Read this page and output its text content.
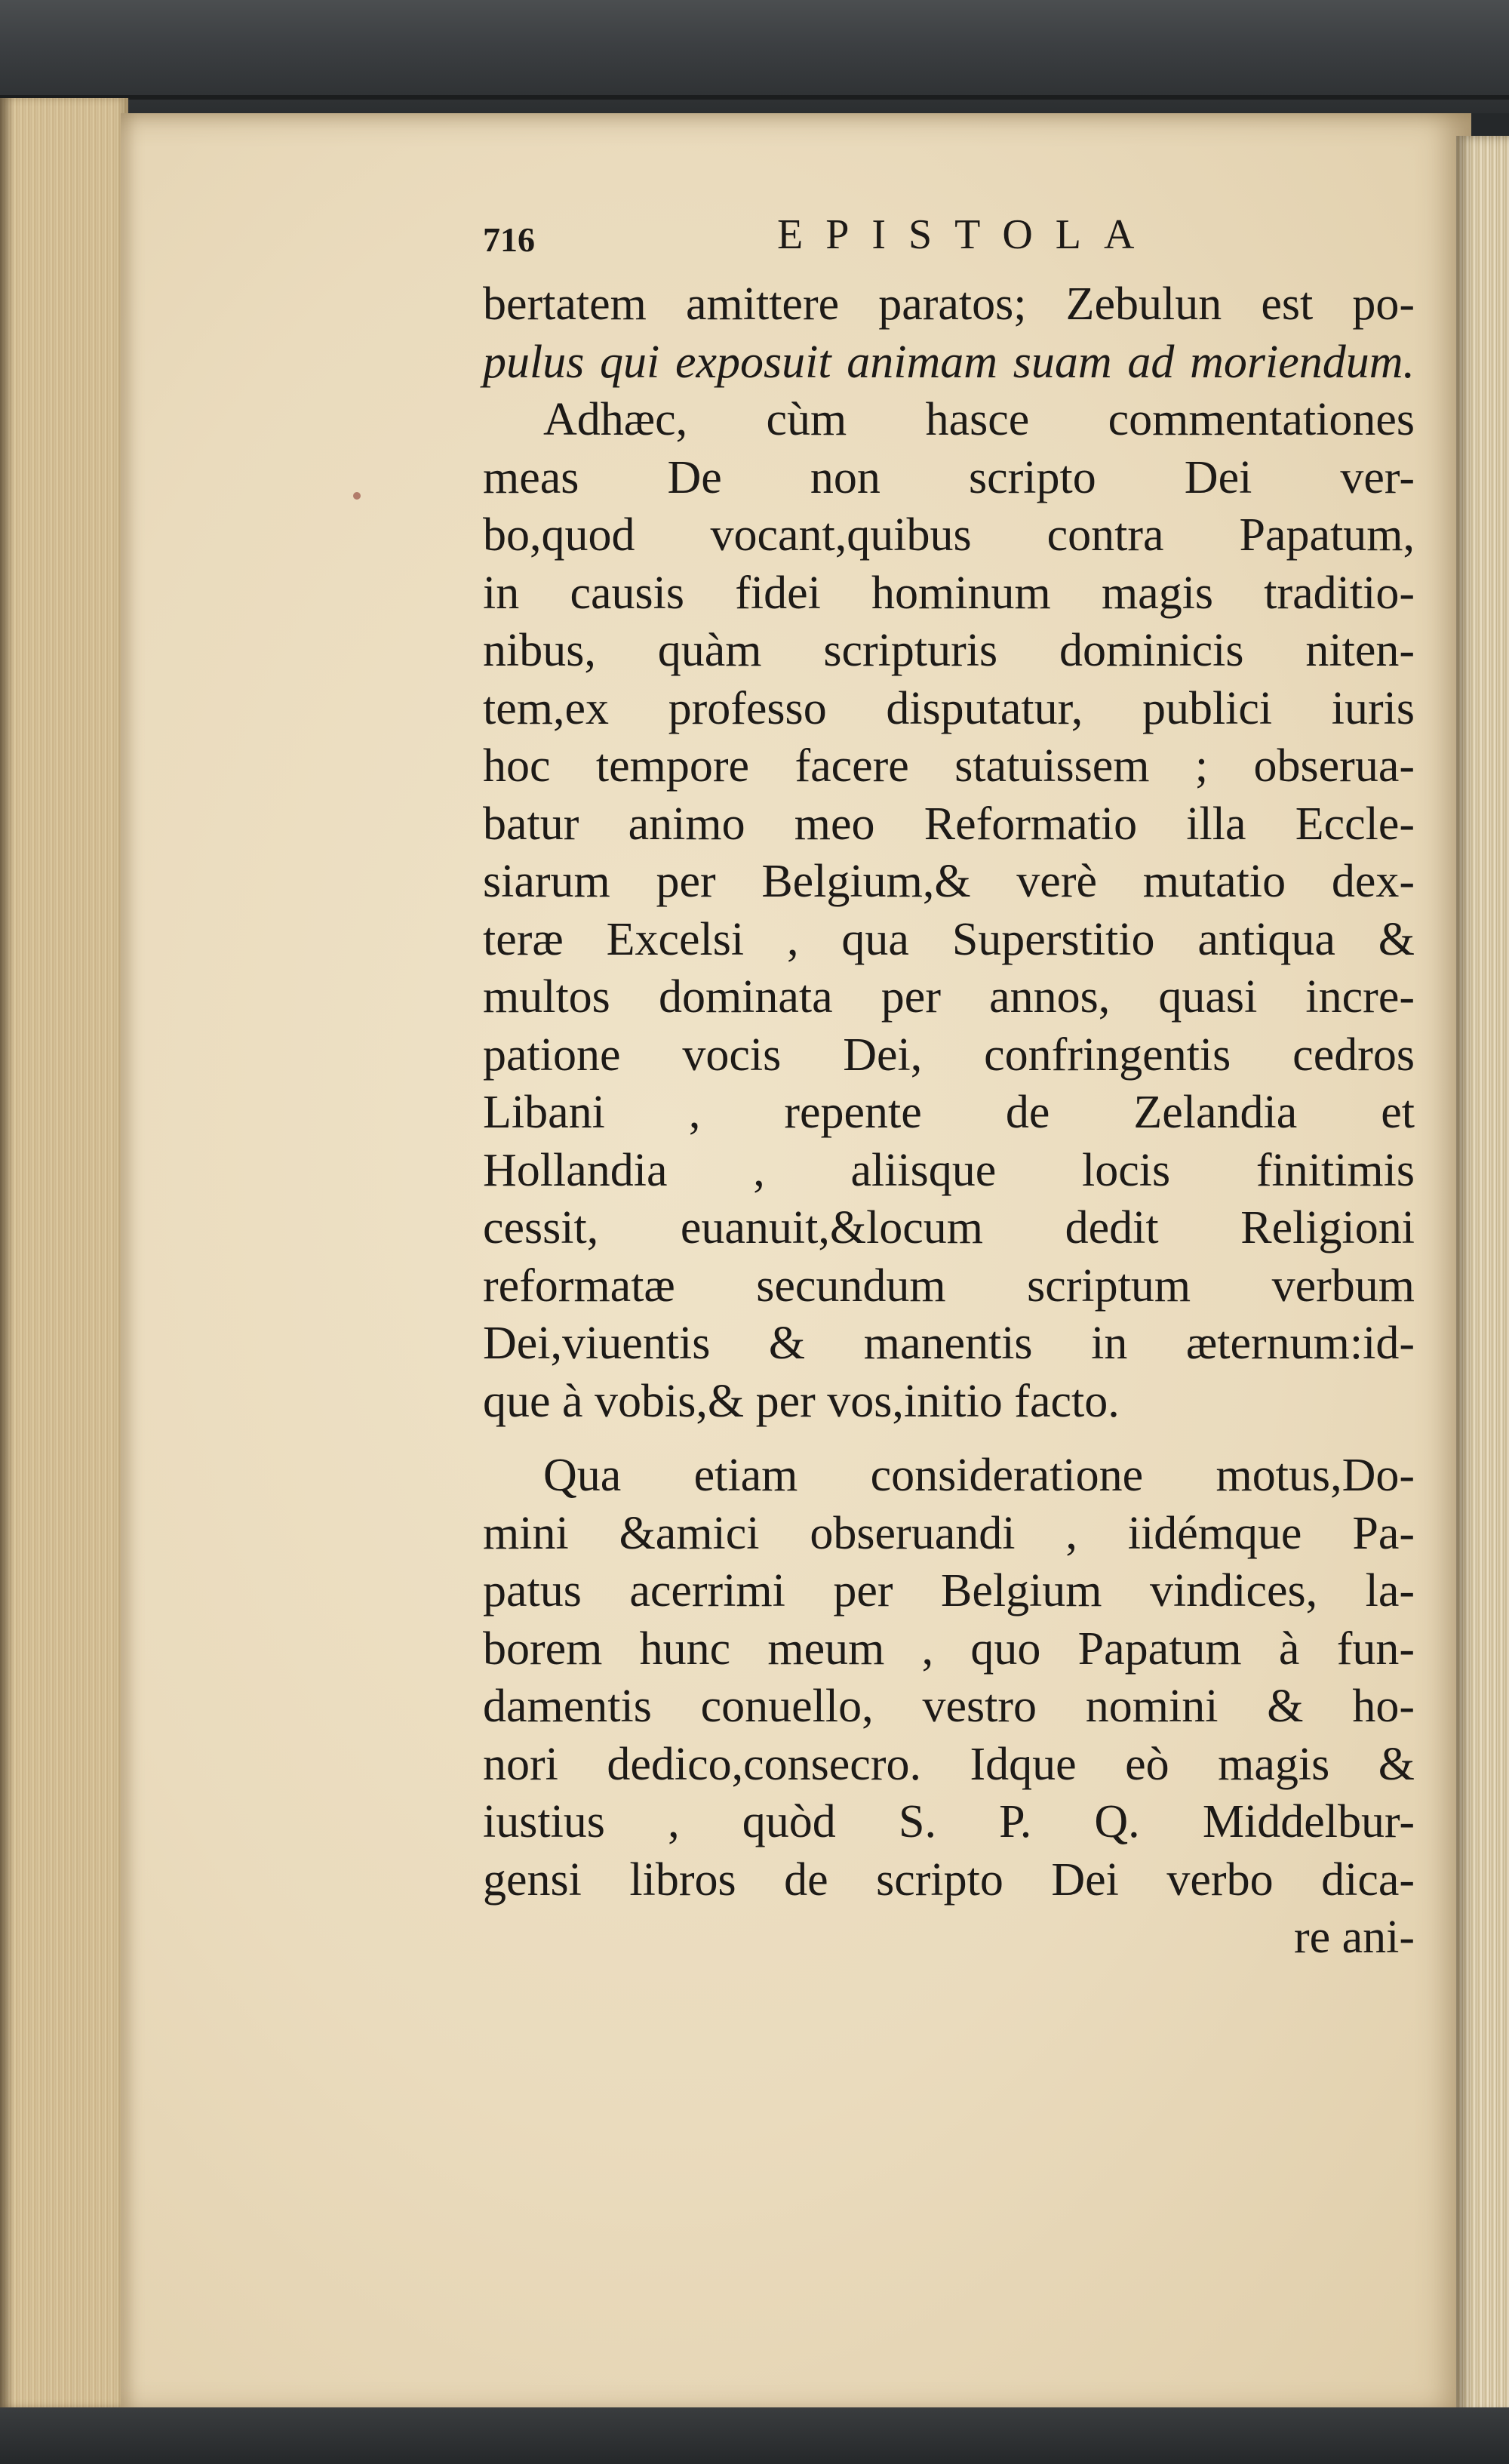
716	EPISTOLA
bertatem amittere paratos; Zebulun est po-
pulus qui exposuit animam suam ad moriendum.
Adhæc, cùm hasce commentationes
meas De non scripto Dei ver-
bo,quod vocant,quibus contra Papatum,
in causis fidei hominum magis traditio-
nibus, quàm scripturis dominicis niten-
tem,ex professo disputatur, publici iuris
hoc tempore facere statuissem ; obserua-
batur animo meo Reformatio illa Eccle-
siarum per Belgium,& verè mutatio dex-
teræ Excelsi , qua Superstitio antiqua &
multos dominata per annos, quasi incre-
patione vocis Dei, confringentis cedros
Libani , repente de Zelandia et
Hollandia , aliisque locis finitimis
cessit, euanuit,&locum dedit Religioni
reformatæ secundum scriptum verbum
Dei,viuentis & manentis in æternum:id-
que à vobis,& per vos,initio facto.
Qua etiam consideratione motus,Do-
mini &amici obseruandi , iidémque Pa-
patus acerrimi per Belgium vindices, la-
borem hunc meum , quo Papatum à fun-
damentis conuello, vestro nomini & ho-
nori dedico,consecro. Idque eò magis &
iustius , quòd S. P. Q. Middelbur-
gensi libros de scripto Dei verbo dica-
re ani-
